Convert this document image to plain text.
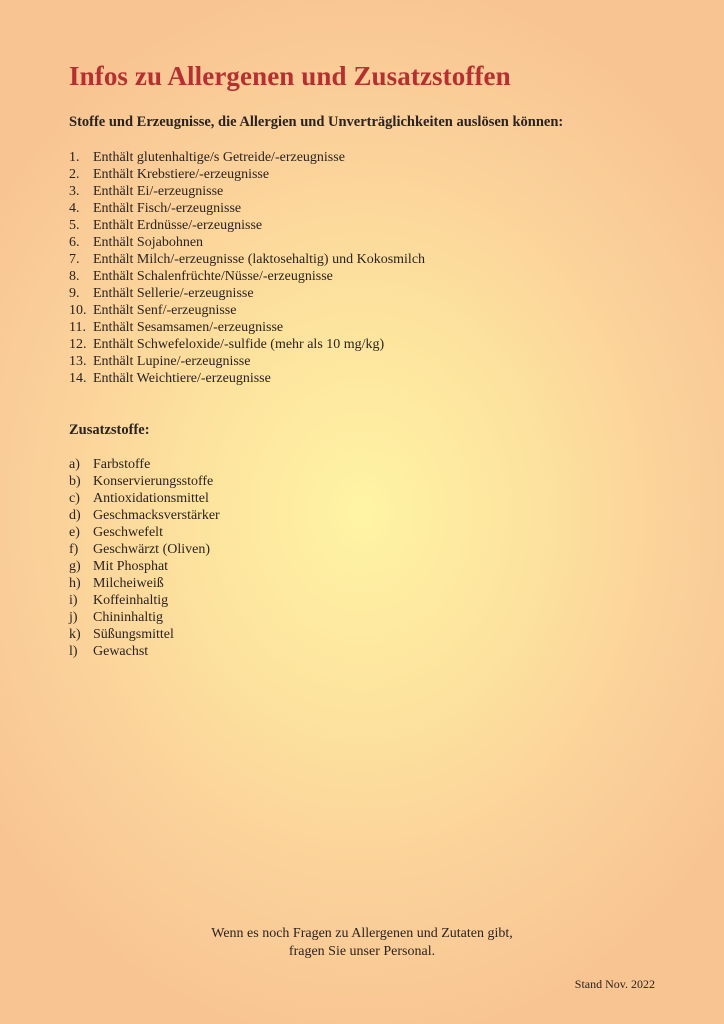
Infos zu Allergenen und Zusatzstoffen

Stoffe und Erzeugnisse, die Allergien und Unverträglichkeiten auslösen können:

1. Enthält glutenhaltige/s Getreide/-erzeugnisse
2. Enthält Krebstiere/-erzeugnisse
3. Enthält Ei/-erzeugnisse
4. Enthält Fisch/-erzeugnisse
5. Enthält Erdnüsse/-erzeugnisse
6. Enthält Sojabohnen
7. Enthält Milch/-erzeugnisse (laktosehaltig) und Kokosmilch
8. Enthält Schalenfrüchte/Nüsse/-erzeugnisse
9. Enthält Sellerie/-erzeugnisse
10. Enthält Senf/-erzeugnisse
11. Enthält Sesamsamen/-erzeugnisse
12. Enthält Schwefeloxide/-sulfide (mehr als 10 mg/kg)
13. Enthält Lupine/-erzeugnisse
14. Enthält Weichtiere/-erzeugnisse

Zusatzstoffe:

a) Farbstoffe
b) Konservierungsstoffe
c) Antioxidationsmittel
d) Geschmacksverstärker
e) Geschwefelt
f)	Geschwärzt (Oliven)
g) Mit Phosphat
h) Milcheiweiß
i)	Koffeinhaltig
j)	Chininhaltig
k) Süßungsmittel
l)	Gewachst
Wenn es noch Fragen zu Allergenen und Zutaten gibt,
fragen Sie unser Personal.
Stand Nov. 2022
